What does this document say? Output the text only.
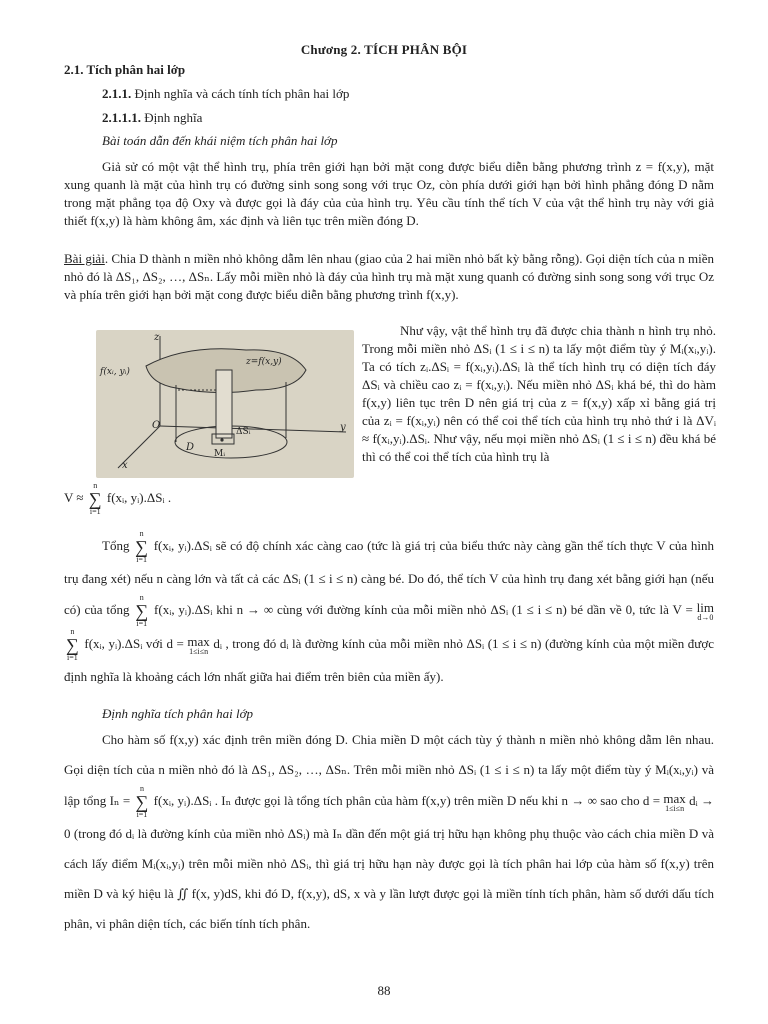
Chương 2. TÍCH PHÂN BỘI
2.1. Tích phân hai lớp
2.1.1. Định nghĩa và cách tính tích phân hai lớp
2.1.1.1. Định nghĩa
Bài toán dẫn đến khái niệm tích phân hai lớp
Giả sử có một vật thể hình trụ, phía trên giới hạn bởi mặt cong được biểu diễn bằng phương trình z = f(x,y), mặt xung quanh là mặt của hình trụ có đường sinh song song với trục Oz, còn phía dưới giới hạn bởi hình phẳng đóng D nằm trong mặt phẳng tọa độ Oxy và được gọi là đáy của của hình trụ. Yêu cầu tính thể tích V của vật thể hình trụ này với giả thiết f(x,y) là hàm không âm, xác định và liên tục trên miền đóng D.
Bài giải. Chia D thành n miền nhỏ không dẫm lên nhau (giao của 2 hai miền nhỏ bất kỳ bằng rỗng). Gọi diện tích của n miền nhỏ đó là ΔS₁, ΔS₂, …, ΔSₙ. Lấy mỗi miền nhỏ là đáy của hình trụ mà mặt xung quanh có đường sinh song song với trục Oz và phía trên giới hạn bởi mặt cong được biểu diễn bằng phương trình f(x,y).
z=f(x,y)
f(xᵢ, yᵢ)
z
O
x
y
D
ΔSᵢ
Mᵢ
Như vậy, vật thể hình trụ đã được chia thành n hình trụ nhỏ. Trong mỗi miền nhỏ ΔSᵢ (1 ≤ i ≤ n) ta lấy một điểm tùy ý Mᵢ(xᵢ,yᵢ). Ta có tích zᵢ.ΔSᵢ = f(xᵢ,yᵢ).ΔSᵢ là thể tích hình trụ có diện tích đáy ΔSᵢ và chiều cao zᵢ = f(xᵢ,yᵢ). Nếu miền nhỏ ΔSᵢ khá bé, thì do hàm f(x,y) liên tục trên D nên giá trị của z = f(x,y) xấp xỉ bằng giá trị của zᵢ = f(xᵢ,yᵢ) nên có thể coi thể tích của hình trụ nhỏ thứ i là ΔVᵢ ≈ f(xᵢ,yᵢ).ΔSᵢ. Như vậy, nếu mọi miền nhỏ ΔSᵢ (1 ≤ i ≤ n) đều khá bé thì có thể coi thể tích của hình trụ là
V ≈
n
∑
i=1
f(xᵢ, yᵢ).ΔSᵢ .
Tổng
n
∑
i=1
f(xᵢ, yᵢ).ΔSᵢ sẽ có độ chính xác càng cao (tức là giá trị của biểu thức này càng gần thể tích thực V của hình trụ đang xét) nếu n càng lớn và tất cả các ΔSᵢ (1 ≤ i ≤ n) càng bé. Do đó, thể tích V của hình trụ đang xét bằng giới hạn (nếu có) của tổng
n
∑
i=1
f(xᵢ, yᵢ).ΔSᵢ khi n → ∞ cùng với đường kính của mỗi miền nhỏ ΔSᵢ (1 ≤ i ≤ n) bé dần về 0, tức là V = lim
d→0

n
∑
i=1
f(xᵢ, yᵢ).ΔSᵢ với d = max
1≤i≤n
dᵢ , trong đó dᵢ là đường kính của mỗi miền nhỏ ΔSᵢ (1 ≤ i ≤ n) (đường kính của một miền được định nghĩa là khoảng cách lớn nhất giữa hai điểm trên biên của miền ấy).
Định nghĩa tích phân hai lớp
Cho hàm số f(x,y) xác định trên miền đóng D. Chia miền D một cách tùy ý thành n miền nhỏ không dẫm lên nhau. Gọi diện tích của n miền nhỏ đó là ΔS₁, ΔS₂, …, ΔSₙ. Trên mỗi miền nhỏ ΔSᵢ (1 ≤ i ≤ n) ta lấy một điểm tùy ý Mᵢ(xᵢ,yᵢ) và lập tổng Iₙ =
n
∑
i=1
f(xᵢ, yᵢ).ΔSᵢ . Iₙ được gọi là tổng tích phân của hàm f(x,y) trên miền D nếu khi n → ∞ sao cho d = max
1≤i≤n
dᵢ → 0 (trong đó dᵢ là đường kính của miền nhỏ ΔSᵢ) mà Iₙ dần đến một giá trị hữu hạn không phụ thuộc vào cách chia miền D và cách lấy điểm Mᵢ(xᵢ,yᵢ) trên mỗi miền nhỏ ΔSᵢ, thì giá trị hữu hạn này được gọi là tích phân hai lớp của hàm số f(x,y) trên miền D và ký hiệu là ∬ f(x, y)dS, khi đó D, f(x,y), dS, x và y lần lượt được gọi là miền tính tích phân, hàm số dưới dấu tích phân, vi phân diện tích, các biến tính tích phân.
88
